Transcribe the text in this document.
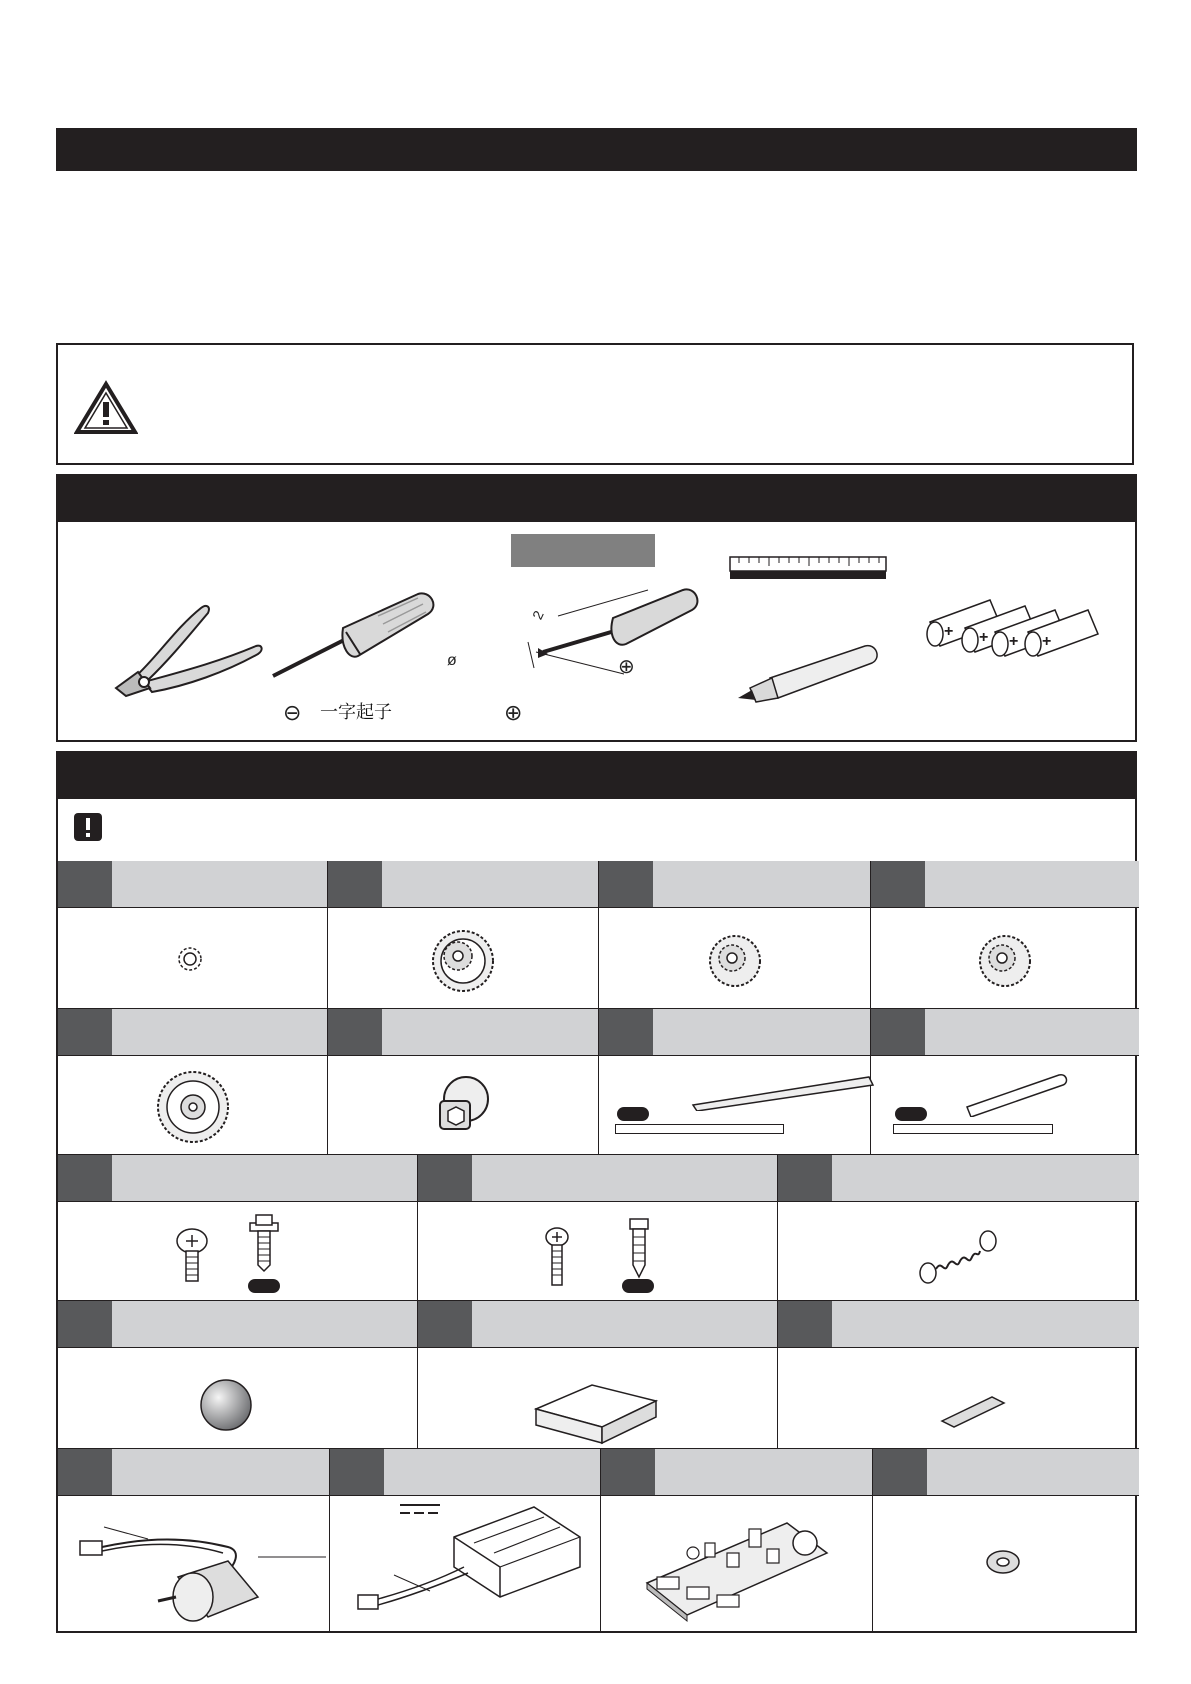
⊖ 一字起子
ø
2
⊕
⊕
+ + + +
